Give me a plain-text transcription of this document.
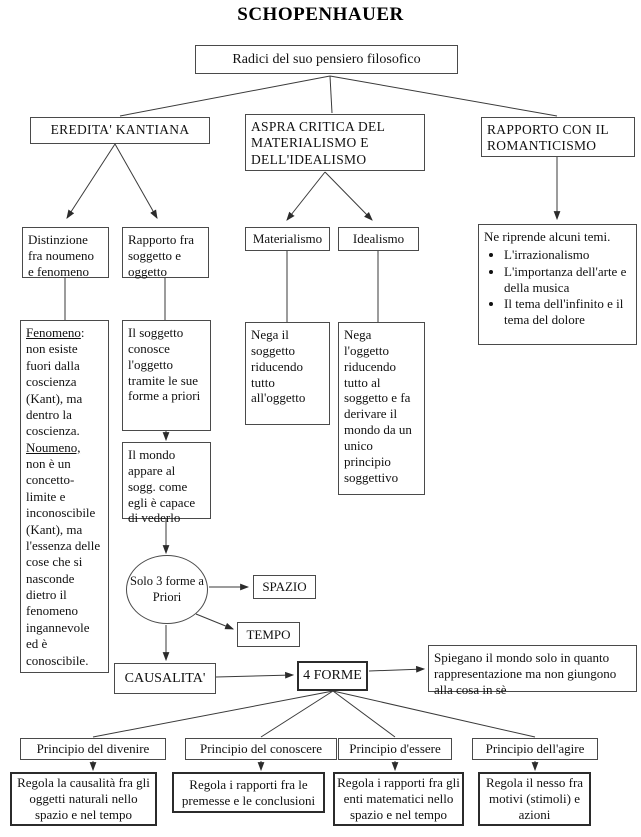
SCHOPENHAUER
Radici del suo pensiero filosofico
EREDITA' KANTIANA	ASPRA CRITICA DEL MATERIALISMO E DELL'IDEALISMO
RAPPORTO CON IL ROMANTICISMO
Distinzione fra noumeno e fenomeno
Rapporto fra soggetto e oggetto
Materialismo	Idealismo	Ne riprende alcuni temi.

• L'irrazionalismo
• L'importanza dell'arte e della musica
• Il tema dell'infinito e il tema del dolore
Fenomeno: non esiste fuori dalla coscienza (Kant), ma dentro la coscienza. Noumeno, non è un concetto-limite e inconoscibile (Kant), ma l'essenza delle cose che si nasconde dietro il fenomeno ingannevole ed è conoscibile.
Il soggetto conosce l'oggetto tramite le sue forme a priori
Nega il soggetto riducendo tutto all'oggetto
Nega l'oggetto riducendo tutto al soggetto e fa derivare il mondo da un unico principio soggettivo
Il mondo appare al sogg. come egli è capace di vederlo
Solo 3 forme a Priori
SPAZIO
TEMPO
CAUSALITA'	4 FORME
Spiegano il mondo solo in quanto rappresentazione ma non giungono alla cosa in sè
Principio del divenire	Principio del conoscere	Principio d'essere	Principio dell'agire
Regola la causalità fra gli oggetti naturali nello spazio e nel tempo
Regola i rapporti fra le premesse e le conclusioni
Regola i rapporti fra gli enti matematici nello spazio e nel tempo
Regola il nesso fra motivi (stimoli) e azioni
